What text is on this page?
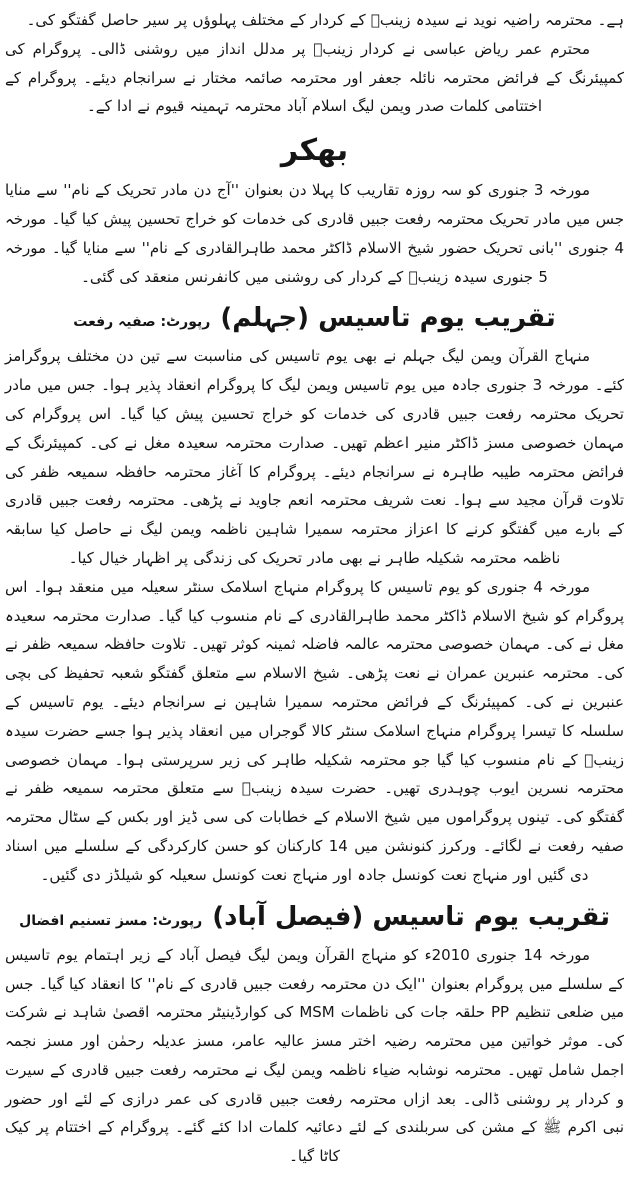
ہے۔ محترمہ راضیہ نوید نے سیدہ زینبؓ کے کردار کے مختلف پہلوؤں پر سیر حاصل گفتگو کی۔

محترم عمر ریاض عباسی نے کردار زینبؓ پر مدلل انداز میں روشنی ڈالی۔ پروگرام کی کمپیئرنگ کے فرائض محترمہ نائلہ جعفر اور محترمہ صائمہ مختار نے سرانجام دیئے۔ پروگرام کے اختتامی کلمات صدر ویمن لیگ اسلام آباد محترمہ تہمینہ قیوم نے ادا کے۔

بھکر

مورخہ 3 جنوری کو سہ روزہ تقاریب کا پہلا دن بعنوان ''آج دن مادر تحریک کے نام'' سے منایا جس میں مادر تحریک محترمہ رفعت جبیں قادری کی خدمات کو خراج تحسین پیش کیا گیا۔ مورخہ 4 جنوری ''بانی تحریک حضور شیخ الاسلام ڈاکٹر محمد طاہرالقادری کے نام'' سے منایا گیا۔ مورخہ 5 جنوری سیدہ زینبؓ کے کردار کی روشنی میں کانفرنس منعقد کی گئی۔

تقریب یوم تاسیس (جہلم)
رپورٹ: صفیہ رفعت

منہاج القرآن ویمن لیگ جہلم نے بھی یوم تاسیس کی مناسبت سے تین دن مختلف پروگرامز کئے۔ مورخہ 3 جنوری جادہ میں یوم تاسیس ویمن لیگ کا پروگرام انعقاد پذیر ہوا۔ جس میں مادر تحریک محترمہ رفعت جبیں قادری کی خدمات کو خراج تحسین پیش کیا گیا۔ اس پروگرام کی مہمان خصوصی مسز ڈاکٹر منیر اعظم تھیں۔ صدارت محترمہ سعیدہ مغل نے کی۔ کمپیئرنگ کے فرائض محترمہ طیبہ طاہرہ نے سرانجام دیئے۔ پروگرام کا آغاز محترمہ حافظہ سمیعہ ظفر کی تلاوت قرآن مجید سے ہوا۔ نعت شریف محترمہ انعم جاوید نے پڑھی۔ محترمہ رفعت جبیں قادری کے بارے میں گفتگو کرنے کا اعزاز محترمہ سمیرا شاہین ناظمہ ویمن لیگ نے حاصل کیا سابقہ ناظمہ محترمہ شکیلہ طاہر نے بھی مادر تحریک کی زندگی پر اظہار خیال کیا۔

مورخہ 4 جنوری کو یوم تاسیس کا پروگرام منہاج اسلامک سنٹر سعیلہ میں منعقد ہوا۔ اس پروگرام کو شیخ الاسلام ڈاکٹر محمد طاہرالقادری کے نام منسوب کیا گیا۔ صدارت محترمہ سعیدہ مغل نے کی۔ مہمان خصوصی محترمہ عالمہ فاضلہ ثمینہ کوثر تھیں۔ تلاوت حافظہ سمیعہ ظفر نے کی۔ محترمہ عنبرین عمران نے نعت پڑھی۔ شیخ الاسلام سے متعلق گفتگو شعبہ تحفیظ کی بچی عنبرین نے کی۔ کمپیئرنگ کے فرائض محترمہ سمیرا شاہین نے سرانجام دیئے۔ یوم تاسیس کے سلسلہ کا تیسرا پروگرام منہاج اسلامک سنٹر کالا گوجراں میں انعقاد پذیر ہوا جسے حضرت سیدہ زینبؓ کے نام منسوب کیا گیا جو محترمہ شکیلہ طاہر کی زیر سرپرستی ہوا۔ مہمان خصوصی محترمہ نسرین ایوب چوہدری تھیں۔ حضرت سیدہ زینبؓ سے متعلق محترمہ سمیعہ ظفر نے گفتگو کی۔ تینوں پروگراموں میں شیخ الاسلام کے خطابات کی سی ڈیز اور بکس کے سٹال محترمہ صفیہ رفعت نے لگائے۔ ورکرز کنونشن میں 14 کارکنان کو حسن کارکردگی کے سلسلے میں اسناد دی گئیں اور منہاج نعت کونسل جادہ اور منہاج نعت کونسل سعیلہ کو شیلڈز دی گئیں۔

تقریب یوم تاسیس (فیصل آباد)
رپورٹ: مسز تسنیم افضال

مورخہ 14 جنوری 2010ء کو منہاج القرآن ویمن لیگ فیصل آباد کے زیر اہتمام یوم تاسیس کے سلسلے میں پروگرام بعنوان ''ایک دن محترمہ رفعت جبیں قادری کے نام'' کا انعقاد کیا گیا۔ جس میں ضلعی تنظیم PP حلقہ جات کی ناظمات MSM کی کوارڈینیٹر محترمہ اقصیٰ شاہد نے شرکت کی۔ موثر خواتین میں محترمہ رضیہ اختر مسز عالیہ عامر، مسز عدیلہ رحمٰن اور مسز نجمہ اجمل شامل تھیں۔ محترمہ نوشابہ ضیاء ناظمہ ویمن لیگ نے محترمہ رفعت جبیں قادری کے سیرت و کردار پر روشنی ڈالی۔ بعد ازاں محترمہ رفعت جبیں قادری کی عمر درازی کے لئے اور حضور نبی اکرم ﷺ کے مشن کی سربلندی کے لئے دعائیہ کلمات ادا کئے گئے۔ پروگرام کے اختتام پر کیک کاٹا گیا۔
